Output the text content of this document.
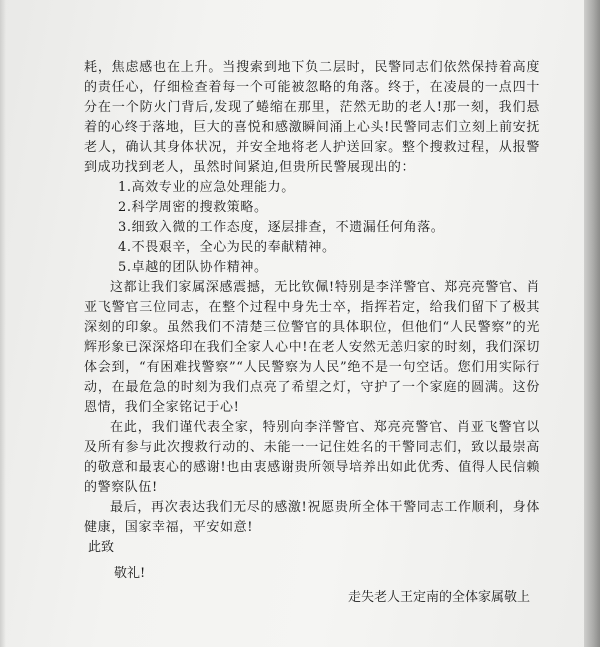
耗，焦虑感也在上升。当搜索到地下负二层时，民警同志们依然保持着高度的责任心，仔细检查着每一个可能被忽略的角落。终于，在凌晨的一点四十分在一个防火门背后,发现了蜷缩在那里，茫然无助的老人!那一刻，我们悬着的心终于落地，巨大的喜悦和感激瞬间涌上心头!民警同志们立刻上前安抚老人，确认其身体状况，并安全地将老人护送回家。整个搜救过程，从报警到成功找到老人，虽然时间紧迫,但贵所民警展现出的：

1.高效专业的应急处理能力。
2.科学周密的搜救策略。
3.细致入微的工作态度，逐层排查，不遗漏任何角落。
4.不畏艰辛，全心为民的奉献精神。
5.卓越的团队协作精神。

这都让我们家属深感震撼，无比钦佩!特别是李洋警官、郑亮亮警官、肖亚飞警官三位同志，在整个过程中身先士卒，指挥若定，给我们留下了极其深刻的印象。虽然我们不清楚三位警官的具体职位，但他们“人民警察”的光辉形象已深深烙印在我们全家人心中!在老人安然无恙归家的时刻，我们深切体会到，“有困难找警察”“人民警察为人民”绝不是一句空话。您们用实际行动，在最危急的时刻为我们点亮了希望之灯，守护了一个家庭的圆满。这份恩情，我们全家铭记于心!

在此，我们谨代表全家，特别向李洋警官、郑亮亮警官、肖亚飞警官以及所有参与此次搜救行动的、未能一一记住姓名的干警同志们，致以最崇高的敬意和最衷心的感谢!也由衷感谢贵所领导培养出如此优秀、值得人民信赖的警察队伍!

最后，再次表达我们无尽的感激!祝愿贵所全体干警同志工作顺利，身体健康，国家幸福，平安如意!

此致
敬礼!
走失老人王定南的全体家属敬上
